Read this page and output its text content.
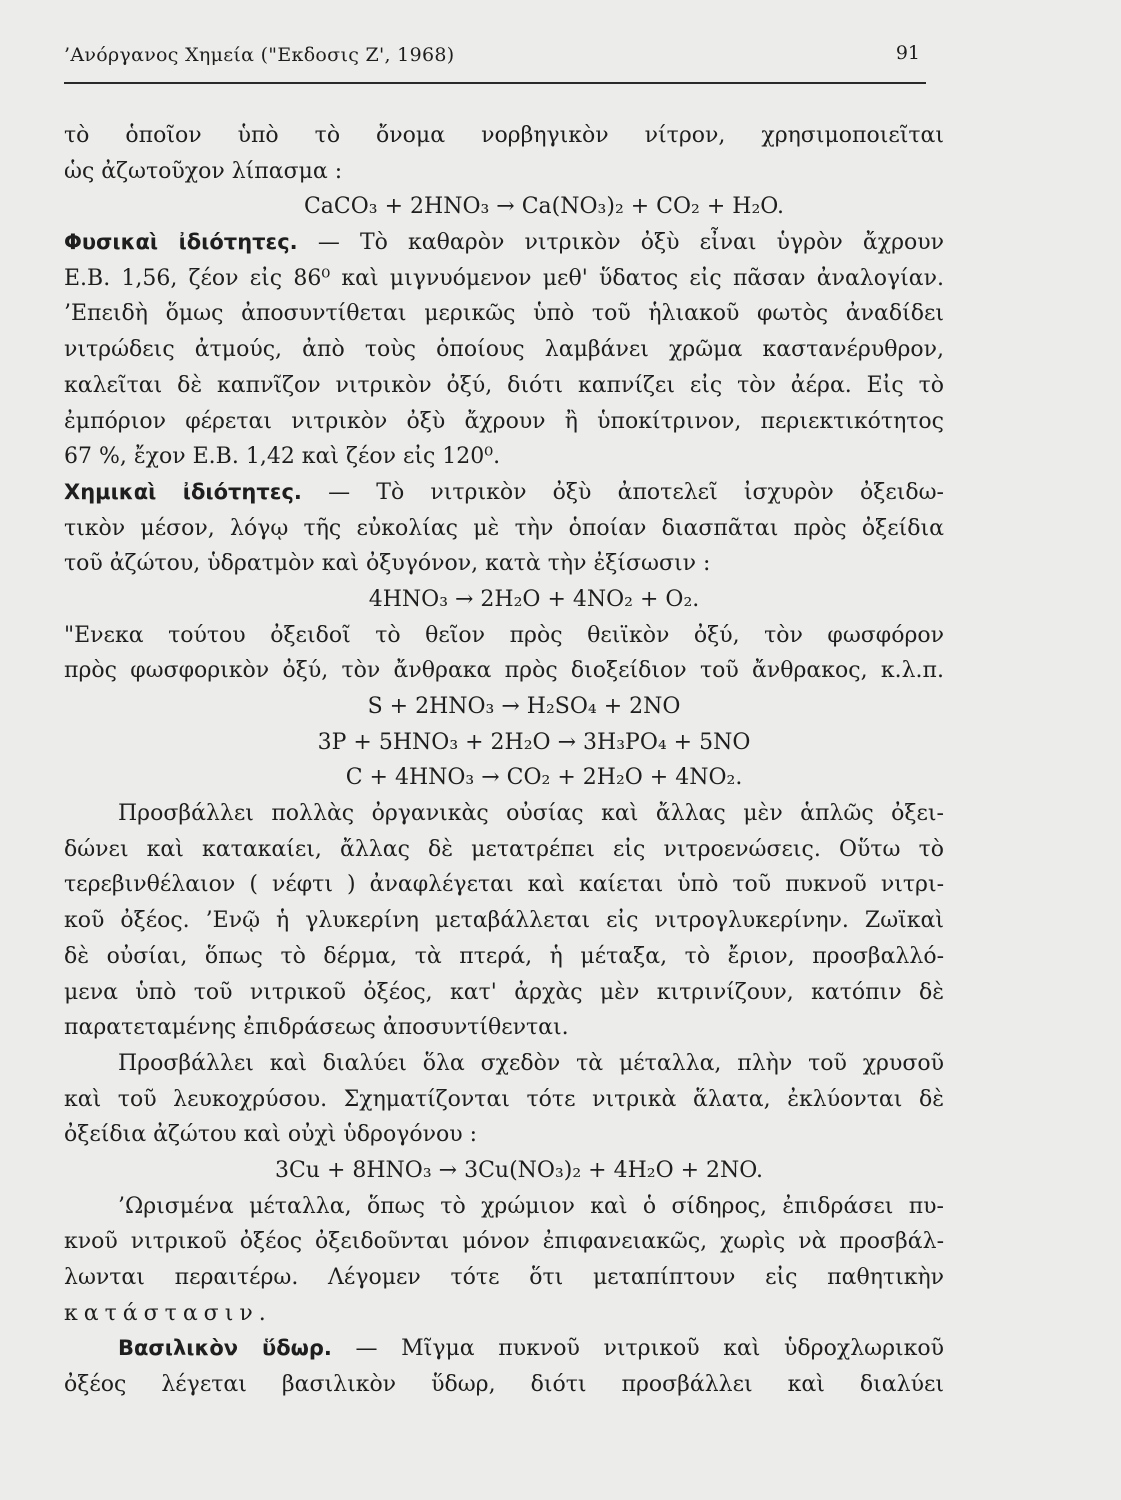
’Ανόργανος Χημεία ("Εκδοσις Ζ', 1968)	91
τὸ ὁποῖον ὑπὸ τὸ ὄνομα νορβηγικὸν νίτρον, χρησιμοποιεῖται
ὡς ἀζωτοῦχον λίπασμα :
CaCO₃ + 2HNO₃ → Ca(NO₃)₂ + CO₂ + H₂O.
Φυσικαὶ ἰδιότητες. — Τὸ καθαρὸν νιτρικὸν ὀξὺ εἶναι ὑγρὸν ἄχρουν
Ε.Β. 1,56, ζέον εἰς 86⁰ καὶ μιγνυόμενον μεθ' ὕδατος εἰς πᾶσαν ἀναλογίαν.
’Επειδὴ ὅμως ἀποσυντίθεται μερικῶς ὑπὸ τοῦ ἡλιακοῦ φωτὸς ἀναδίδει
νιτρώδεις ἀτμούς, ἀπὸ τοὺς ὁποίους λαμβάνει χρῶμα καστανέρυθρον,
καλεῖται δὲ καπνῖζον νιτρικὸν ὀξύ, διότι καπνίζει εἰς τὸν ἀέρα. Εἰς τὸ
ἐμπόριον φέρεται νιτρικὸν ὀξὺ ἄχρουν ἢ ὑποκίτρινον, περιεκτικότητος
67 %, ἔχον Ε.Β. 1,42 καὶ ζέον εἰς 120⁰.
Χημικαὶ ἰδιότητες. — Τὸ νιτρικὸν ὀξὺ ἀποτελεῖ ἰσχυρὸν ὀξειδω-
τικὸν μέσον, λόγῳ τῆς εὐκολίας μὲ τὴν ὁποίαν διασπᾶται πρὸς ὀξείδια
τοῦ ἀζώτου, ὑδρατμὸν καὶ ὀξυγόνον, κατὰ τὴν ἐξίσωσιν :
4HNO₃ → 2H₂O + 4NO₂ + O₂.
"Ενεκα τούτου ὀξειδοῖ τὸ θεῖον πρὸς θειϊκὸν ὀξύ, τὸν φωσφόρον
πρὸς φωσφορικὸν ὀξύ, τὸν ἄνθρακα πρὸς διοξείδιον τοῦ ἄνθρακος, κ.λ.π.
S + 2HNO₃ → H₂SO₄ + 2NO
3P + 5HNO₃ + 2H₂O → 3H₃PO₄ + 5NO
C + 4HNO₃ → CO₂ + 2H₂O + 4NO₂.
Προσβάλλει πολλὰς ὀργανικὰς οὐσίας καὶ ἄλλας μὲν ἁπλῶς ὀξει-
δώνει καὶ κατακαίει, ἄλλας δὲ μετατρέπει εἰς νιτροενώσεις. Οὕτω τὸ
τερεβινθέλαιον ( νέφτι ) ἀναφλέγεται καὶ καίεται ὑπὸ τοῦ πυκνοῦ νιτρι-
κοῦ ὀξέος. ’Ενῷ ἡ γλυκερίνη μεταβάλλεται εἰς νιτρογλυκερίνην. Ζωϊκαὶ
δὲ οὐσίαι, ὅπως τὸ δέρμα, τὰ πτερά, ἡ μέταξα, τὸ ἔριον, προσβαλλό-
μενα ὑπὸ τοῦ νιτρικοῦ ὀξέος, κατ' ἀρχὰς μὲν κιτρινίζουν, κατόπιν δὲ
παρατεταμένης ἐπιδράσεως ἀποσυντίθενται.
Προσβάλλει καὶ διαλύει ὅλα σχεδὸν τὰ μέταλλα, πλὴν τοῦ χρυσοῦ
καὶ τοῦ λευκοχρύσου. Σχηματίζονται τότε νιτρικὰ ἅλατα, ἐκλύονται δὲ
ὀξείδια ἀζώτου καὶ οὐχὶ ὑδρογόνου :
3Cu + 8HNO₃ → 3Cu(NO₃)₂ + 4H₂O + 2NO.
’Ωρισμένα μέταλλα, ὅπως τὸ χρώμιον καὶ ὁ σίδηρος, ἐπιδράσει πυ-
κνοῦ νιτρικοῦ ὀξέος ὀξειδοῦνται μόνον ἐπιφανειακῶς, χωρὶς νὰ προσβάλ-
λωνται περαιτέρω. Λέγομεν τότε ὅτι μεταπίπτουν εἰς παθητικὴν
κατάστασιν.
Βασιλικὸν ὕδωρ. — Μῖγμα πυκνοῦ νιτρικοῦ καὶ ὑδροχλωρικοῦ
ὀξέος λέγεται βασιλικὸν ὕδωρ, διότι προσβάλλει καὶ διαλύει
